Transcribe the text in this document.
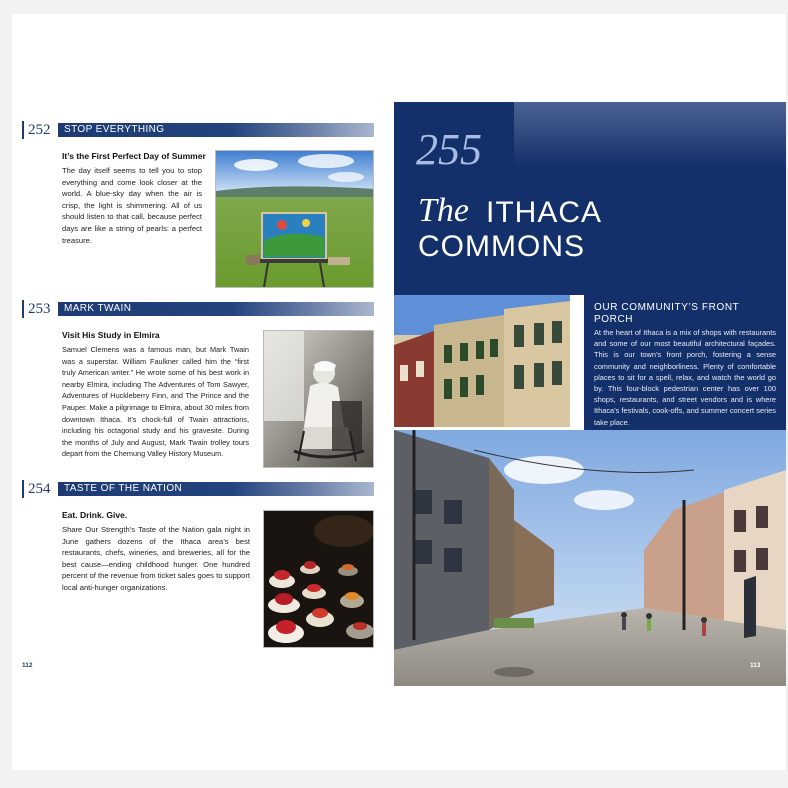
252 STOP EVERYTHING
It’s the First Perfect Day of Summer
The day itself seems to tell you to stop everything and come look closer at the world. A blue-sky day when the air is crisp, the light is shimmering. All of us should listen to that call, because perfect days are like a string of pearls: a perfect treasure.
253 MARK TWAIN
Visit His Study in Elmira
Samuel Clemens was a famous man, but Mark Twain was a superstar. William Faulkner called him the “first truly American writer.” He wrote some of his best work in nearby Elmira, including The Adventures of Tom Sawyer, Adventures of Huckleberry Finn, and The Prince and the Pauper. Make a pilgrimage to Elmira, about 30 miles from downtown Ithaca. It’s chock-full of Twain attractions, including his octagonal study and his gravesite. During the months of July and August, Mark Twain trolley tours depart from the Chemung Valley History Museum.
254 TASTE OF THE NATION
Eat. Drink. Give.
Share Our Strength’s Taste of the Nation gala night in June gathers dozens of the Ithaca area’s best restaurants, chefs, wineries, and breweries, all for the best cause—ending childhood hunger. One hundred percent of the revenue from ticket sales goes to support local anti-hunger organizations.
112
255
The ITHACA
COMMONS
OUR COMMUNITY’S FRONT PORCH
At the heart of Ithaca is a mix of shops with restaurants and some of our most beautiful architectural façades. This is our town’s front porch, fostering a sense community and neighborliness. Plenty of comfortable places to sit for a spell, relax, and watch the world go by. This four-block pedestrian center has over 100 shops, restaurants, and street vendors and is where Ithaca’s festivals, cook-offs, and summer concert series take place.
113
